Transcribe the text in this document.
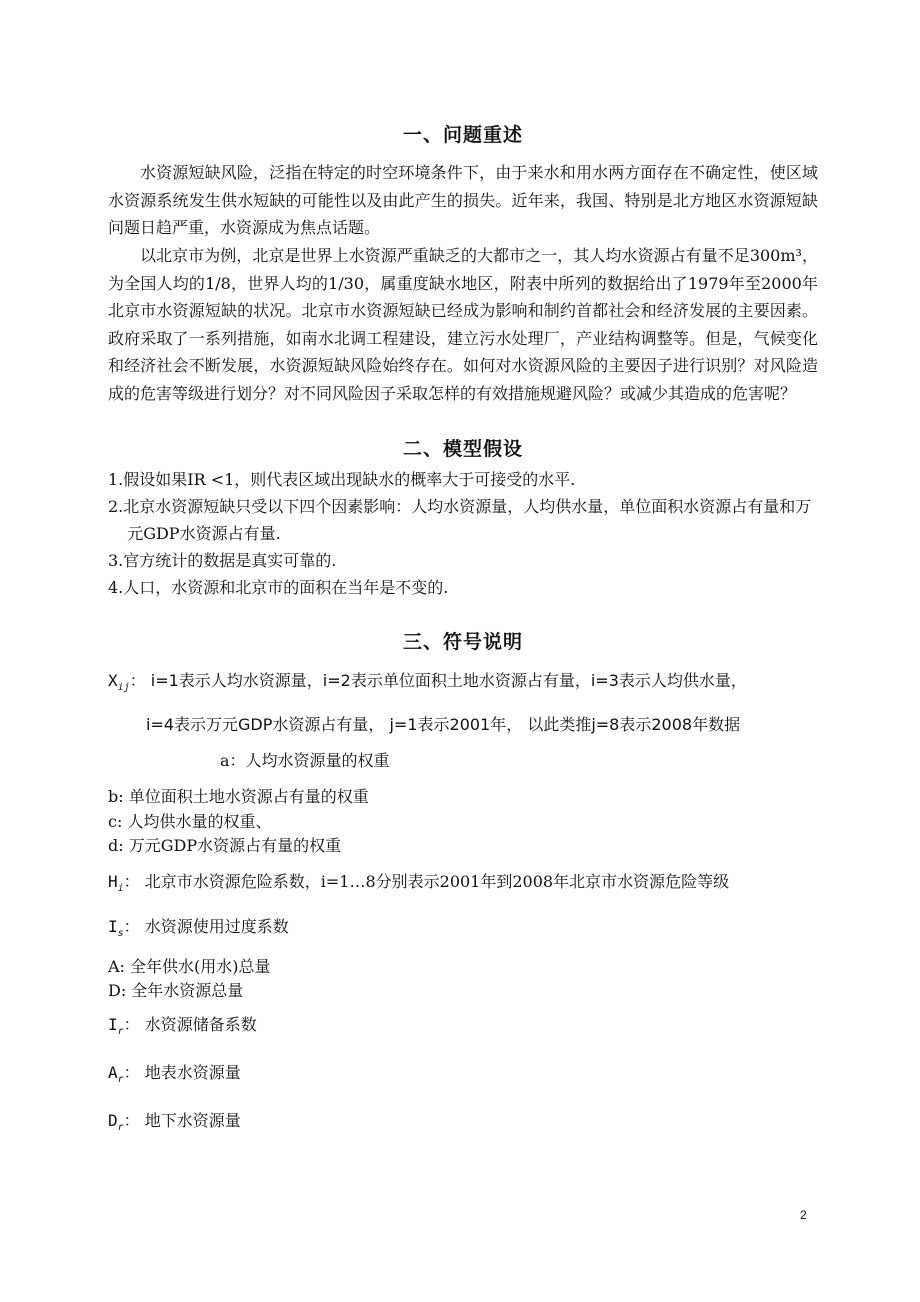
一、问题重述

水资源短缺风险，泛指在特定的时空环境条件下，由于来水和用水两方面存在不确定性，使区域水资源系统发生供水短缺的可能性以及由此产生的损失。近年来，我国、特别是北方地区水资源短缺问题日趋严重，水资源成为焦点话题。

以北京市为例，北京是世界上水资源严重缺乏的大都市之一，其人均水资源占有量不足300m³，为全国人均的1/8，世界人均的1/30，属重度缺水地区，附表中所列的数据给出了1979年至2000年北京市水资源短缺的状况。北京市水资源短缺已经成为影响和制约首都社会和经济发展的主要因素。政府采取了一系列措施，如南水北调工程建设，建立污水处理厂，产业结构调整等。但是，气候变化和经济社会不断发展，水资源短缺风险始终存在。如何对水资源风险的主要因子进行识别？对风险造成的危害等级进行划分？对不同风险因子采取怎样的有效措施规避风险？或减少其造成的危害呢？

二、模型假设
1.假设如果IR <1，则代表区域出现缺水的概率大于可接受的水平.
2.北京水资源短缺只受以下四个因素影响：人均水资源量，人均供水量，单位面积水资源占有量和万元GDP水资源占有量.
3.官方统计的数据是真实可靠的.
4.人口，水资源和北京市的面积在当年是不变的.
三、符号说明
$X_{ij}$： i=1表示人均水资源量，i=2表示单位面积土地水资源占有量，i=3表示人均供水量，
i=4表示万元GDP水资源占有量， j=1表示2001年， 以此类推j=8表示2008年数据
a：人均水资源量的权重
b: 单位面积土地水资源占有量的权重
c: 人均供水量的权重、
d: 万元GDP水资源占有量的权重
$H_i$： 北京市水资源危险系数，i=1…8分别表示2001年到2008年北京市水资源危险等级
$I_s$： 水资源使用过度系数
A: 全年供水(用水)总量
D: 全年水资源总量
$I_r$： 水资源储备系数
$A_r$： 地表水资源量
$D_r$： 地下水资源量
2
